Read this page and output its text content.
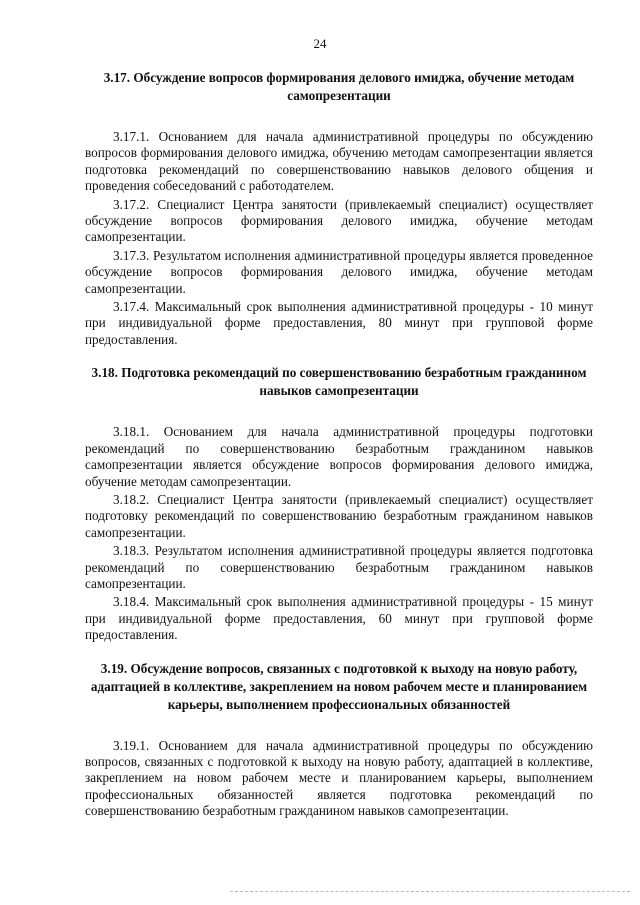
24

3.17. Обсуждение вопросов формирования делового имиджа, обучение методам самопрезентации

3.17.1. Основанием для начала административной процедуры по обсуждению вопросов формирования делового имиджа, обучению методам самопрезентации является подготовка рекомендаций по совершенствованию навыков делового общения и проведения собеседований с работодателем.

3.17.2. Специалист Центра занятости (привлекаемый специалист) осуществляет обсуждение вопросов формирования делового имиджа, обучение методам самопрезентации.

3.17.3. Результатом исполнения административной процедуры является проведенное обсуждение вопросов формирования делового имиджа, обучение методам самопрезентации.

3.17.4. Максимальный срок выполнения административной процедуры - 10 минут при индивидуальной форме предоставления, 80 минут при групповой форме предоставления.

3.18. Подготовка рекомендаций по совершенствованию безработным гражданином навыков самопрезентации

3.18.1. Основанием для начала административной процедуры подготовки рекомендаций по совершенствованию безработным гражданином навыков самопрезентации является обсуждение вопросов формирования делового имиджа, обучение методам самопрезентации.

3.18.2. Специалист Центра занятости (привлекаемый специалист) осуществляет подготовку рекомендаций по совершенствованию безработным гражданином навыков самопрезентации.

3.18.3. Результатом исполнения административной процедуры является подготовка рекомендаций по совершенствованию безработным гражданином навыков самопрезентации.

3.18.4. Максимальный срок выполнения административной процедуры - 15 минут при индивидуальной форме предоставления, 60 минут при групповой форме предоставления.

3.19. Обсуждение вопросов, связанных с подготовкой к выходу на новую работу, адаптацией в коллективе, закреплением на новом рабочем месте и планированием карьеры, выполнением профессиональных обязанностей

3.19.1. Основанием для начала административной процедуры по обсуждению вопросов, связанных с подготовкой к выходу на новую работу, адаптацией в коллективе, закреплением на новом рабочем месте и планированием карьеры, выполнением профессиональных обязанностей является подготовка рекомендаций по совершенствованию безработным гражданином навыков самопрезентации.
